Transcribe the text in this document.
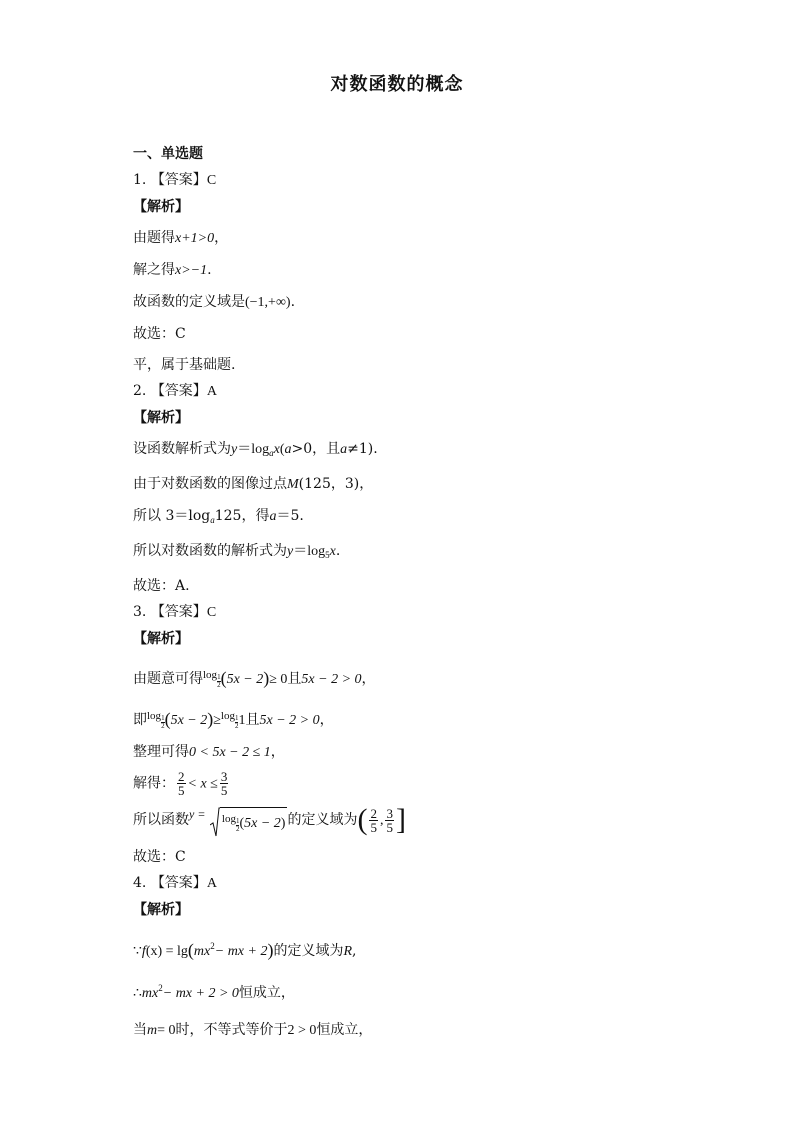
对数函数的概念
一、单选题
1. 【答案】C
【解析】
由题得x+1>0，
解之得x>−1.
故函数的定义域是(−1,+∞).
故选：C
平，属于基础题.
2. 【答案】A
【解析】
设函数解析式为$y=\log_ax(a>0$，且a≠1).
由于对数函数的图像过点M(125，3)，
所以 $3=\log_a125$，得a＝5.
所以对数函数的解析式为$y=\log_5x$.
故选：A.
3. 【答案】C
【解析】
由题意可得$\log \frac{1}{2} (5x - 2)\ge 0$且5x − 2 > 0，
即$\log \frac{1}{2} (5x - 2)\ge\log \frac{1}{2} 1$且5x − 2 > 0，
整理可得0 < 5x − 2 ≤ 1，
解得： $\frac{2}{5} < x \le \frac{3}{5}$
所以函数$y = \log \frac{1}{2} (5x - 2)$ 的定义域为( $\frac{2}{5}$ , $\frac{3}{5}$ ]
故选：C
4. 【答案】A
【解析】
∵f(x) = $\lg(mx^2-$ mx + 2)的定义域为R,
$\therefore mx^2-$ mx + 2 > 0恒成立，
当m= 0时，不等式等价于2 > 0恒成立，
